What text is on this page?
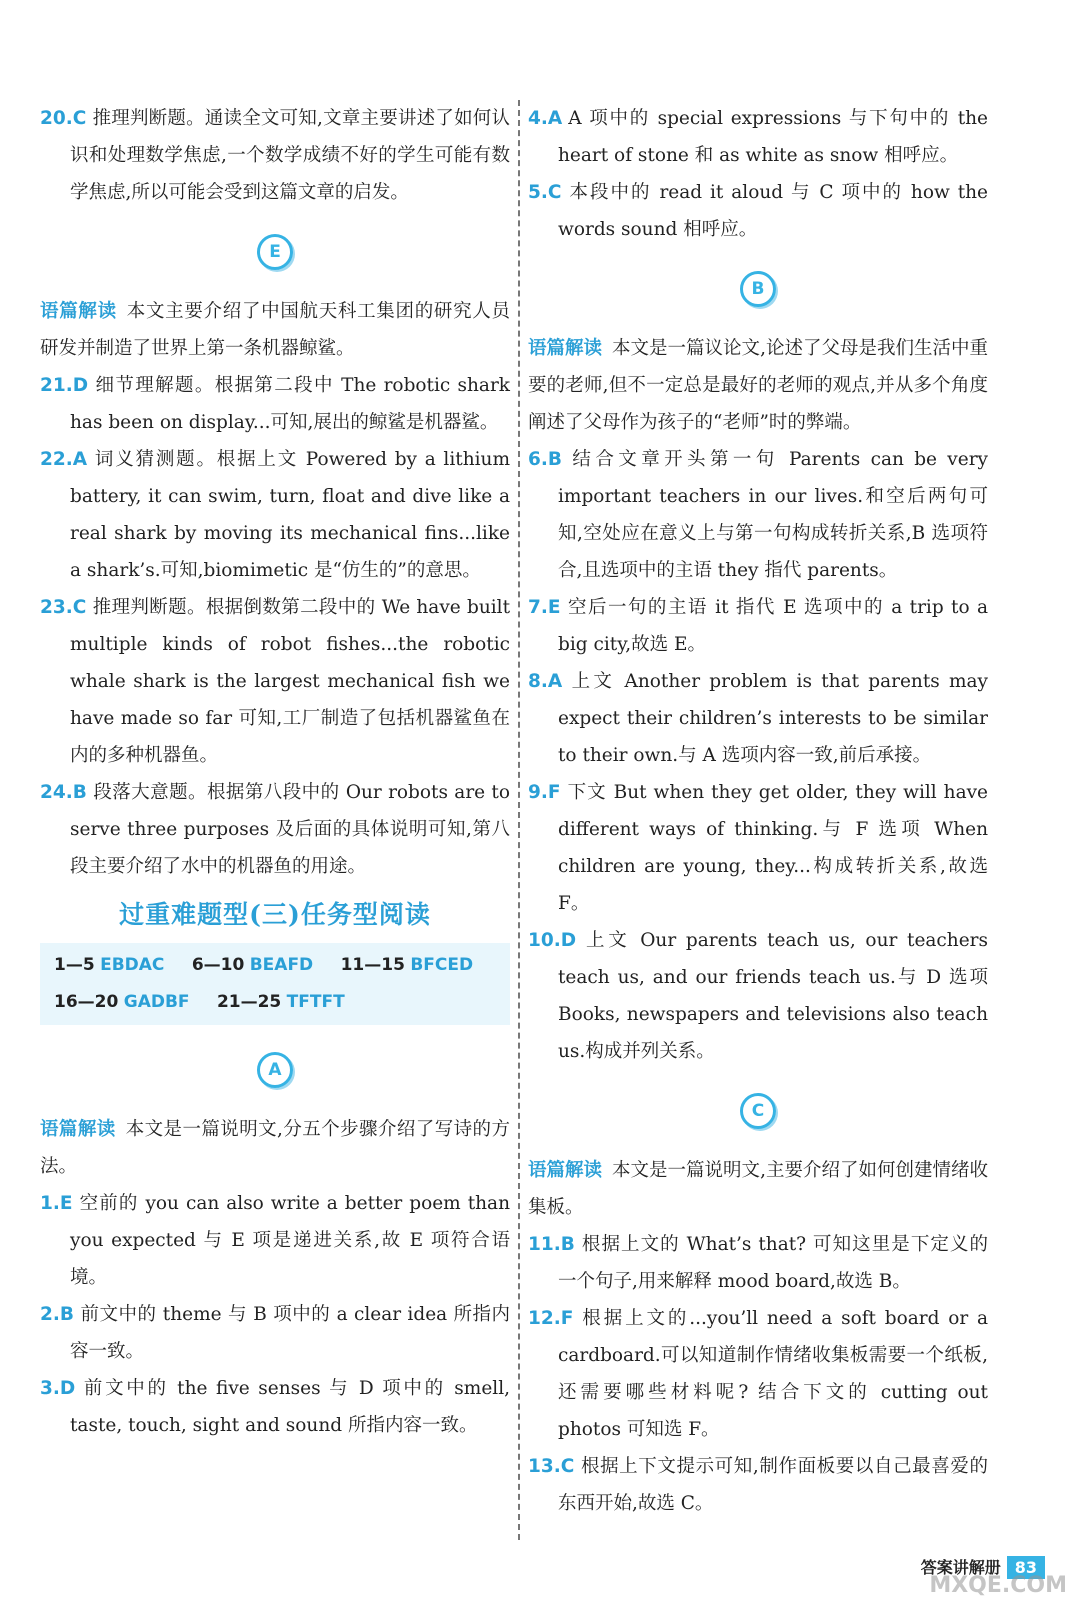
20.C 推理判断题。通读全文可知,文章主要讲述了如何认识和处理数学焦虑,一个数学成绩不好的学生可能有数学焦虑,所以可能会受到这篇文章的启发。

E

语篇解读 本文主要介绍了中国航天科工集团的研究人员研发并制造了世界上第一条机器鲸鲨。

21.D 细节理解题。根据第二段中 The robotic shark has been on display...可知,展出的鲸鲨是机器鲨。

22.A 词义猜测题。根据上文 Powered by a lithium battery, it can swim, turn, float and dive like a real shark by moving its mechanical fins...like a shark’s.可知,biomimetic 是“仿生的”的意思。

23.C 推理判断题。根据倒数第二段中的 We have built multiple kinds of robot fishes...the robotic whale shark is the largest mechanical fish we have made so far 可知,工厂制造了包括机器鲨鱼在内的多种机器鱼。

24.B 段落大意题。根据第八段中的 Our robots are to serve three purposes 及后面的具体说明可知,第八段主要介绍了水中的机器鱼的用途。

过重难题型(三)任务型阅读
1—5 EBDAC 6—10 BEAFD 11—15 BFCED
16—20 GADBF 21—25 TFTFT
A

语篇解读 本文是一篇说明文,分五个步骤介绍了写诗的方法。

1.E 空前的 you can also write a better poem than you expected 与 E 项是递进关系,故 E 项符合语境。

2.B 前文中的 theme 与 B 项中的 a clear idea 所指内容一致。

3.D 前文中的 the five senses 与 D 项中的 smell, taste, touch, sight and sound 所指内容一致。

4.A A 项中的 special expressions 与下句中的 the heart of stone 和 as white as snow 相呼应。

5.C 本段中的 read it aloud 与 C 项中的 how the words sound 相呼应。

B

语篇解读 本文是一篇议论文,论述了父母是我们生活中重要的老师,但不一定总是最好的老师的观点,并从多个角度阐述了父母作为孩子的“老师”时的弊端。

6.B 结合文章开头第一句 Parents can be very important teachers in our lives.和空后两句可知,空处应在意义上与第一句构成转折关系,B 选项符合,且选项中的主语 they 指代 parents。

7.E 空后一句的主语 it 指代 E 选项中的 a trip to a big city,故选 E。

8.A 上文 Another problem is that parents may expect their children’s interests to be similar to their own.与 A 选项内容一致,前后承接。

9.F 下文 But when they get older, they will have different ways of thinking.与 F 选项 When children are young, they...构成转折关系,故选 F。

10.D 上文 Our parents teach us, our teachers teach us, and our friends teach us.与 D 选项 Books, newspapers and televisions also teach us.构成并列关系。

C

语篇解读 本文是一篇说明文,主要介绍了如何创建情绪收集板。

11.B 根据上文的 What’s that? 可知这里是下定义的一个句子,用来解释 mood board,故选 B。

12.F 根据上文的...you’ll need a soft board or a cardboard.可以知道制作情绪收集板需要一个纸板,还需要哪些材料呢? 结合下文的 cutting out photos 可知选 F。

13.C 根据上下文提示可知,制作面板要以自己最喜爱的东西开始,故选 C。

答案讲解册 83
MXQE.COM
